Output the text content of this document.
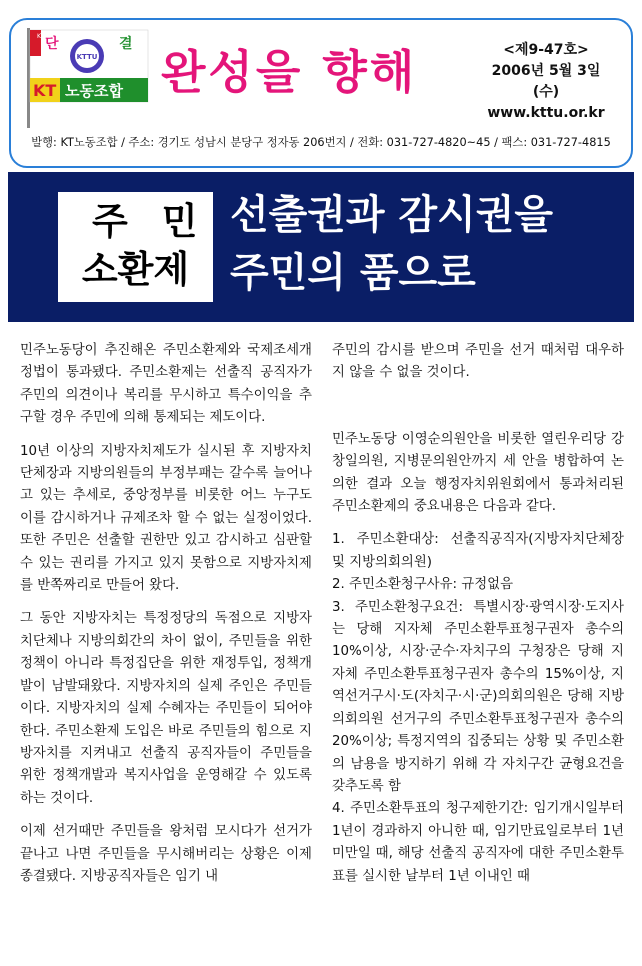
KT 단	결
KTTU
KT 노동조합 완성을 향해	<제9-47호>
2006년 5월 3일(수)
www.kttu.or.kr
발행: KT노동조합 / 주소: 경기도 성남시 분당구 정자동 206번지 / 전화: 031-727-4820~45 / 팩스: 031-727-4815
주민
소환제
선출권과 감시권을
주민의 품으로

민주노동당이 추진해온 주민소환제와 국제조세개정법이 통과됐다. 주민소환제는 선출직 공직자가 주민의 의견이나 복리를 무시하고 특수이익을 추구할 경우 주민에 의해 통제되는 제도이다.

10년 이상의 지방자치제도가 실시된 후 지방자치단체장과 지방의원들의 부정부패는 갈수록 늘어나고 있는 추세로, 중앙정부를 비롯한 어느 누구도 이를 감시하거나 규제조차 할 수 없는 실정이었다. 또한 주민은 선출할 권한만 있고 감시하고 심판할 수 있는 권리를 가지고 있지 못함으로 지방자치제를 반쪽짜리로 만들어 왔다.

그 동안 지방자치는 특정정당의 독점으로 지방자치단체나 지방의회간의 차이 없이, 주민들을 위한 정책이 아니라 특정집단을 위한 재정투입, 정책개발이 남발돼왔다. 지방자치의 실제 주인은 주민들이다. 지방자치의 실제 수혜자는 주민들이 되어야 한다. 주민소환제 도입은 바로 주민들의 힘으로 지방자치를 지켜내고 선출직 공직자들이 주민들을 위한 정책개발과 복지사업을 운영해갈 수 있도록 하는 것이다.

이제 선거때만 주민들을 왕처럼 모시다가 선거가 끝나고 나면 주민들을 무시해버리는 상황은 이제 종결됐다. 지방공직자들은 임기 내

주민의 감시를 받으며 주민을 선거 때처럼 대우하지 않을 수 없을 것이다.

민주노동당 이영순의원안을 비롯한 열린우리당 강창일의원, 지병문의원안까지 세 안을 병합하여 논의한 결과 오늘 행정자치위원회에서 통과처리된 주민소환제의 중요내용은 다음과 같다.

1. 주민소환대상: 선출직공직자(지방자치단체장 및 지방의회의원)

2. 주민소환청구사유: 규정없음

3. 주민소환청구요건: 특별시장·광역시장·도지사는 당해 지자체 주민소환투표청구권자 총수의 10%이상, 시장·군수·자치구의 구청장은 당해 지자체 주민소환투표청구권자 총수의 15%이상, 지역선거구시·도(자치구·시·군)의회의원은 당해 지방의회의원 선거구의 주민소환투표청구권자 총수의 20%이상; 특정지역의 집중되는 상황 및 주민소환의 남용을 방지하기 위해 각 자치구간 균형요건을 갖추도록 함

4. 주민소환투표의 청구제한기간: 임기개시일부터 1년이 경과하지 아니한 때, 임기만료일로부터 1년 미만일 때, 해당 선출직 공직자에 대한 주민소환투표를 실시한 날부터 1년 이내인 때
